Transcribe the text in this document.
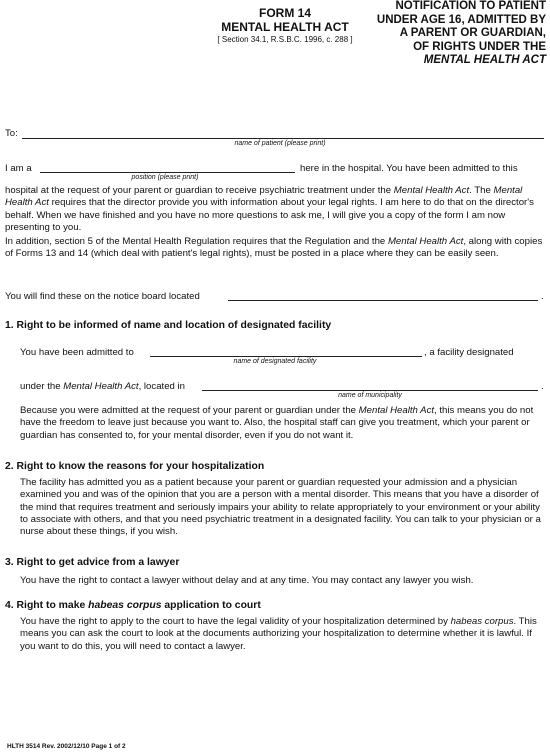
FORM 14
MENTAL HEALTH ACT
[ Section 34.1, R.S.B.C. 1996, c. 288 ]
NOTIFICATION TO PATIENT
UNDER AGE 16, ADMITTED BY
A PARENT OR GUARDIAN,
OF RIGHTS UNDER THE
MENTAL HEALTH ACT
To:
name of patient (please print)
I am a
position (please print)
here in the hospital. You have been admitted to this

hospital at the request of your parent or guardian to receive psychiatric treatment under the Mental Health Act. The Mental Health Act requires that the director provide you with information about your legal rights. I am here to do that on the director's behalf. When we have finished and you have no more questions to ask me, I will give you a copy of the form I am now presenting to you.

In addition, section 5 of the Mental Health Regulation requires that the Regulation and the Mental Health Act, along with copies of Forms 13 and 14 (which deal with patient's legal rights), must be posted in a place where they can be easily seen.

You will find these on the notice board located	.
1. Right to be informed of name and location of designated facility
You have been admitted to
name of designated facility
, a facility designated
under the Mental Health Act, located in
name of municipality
.

Because you were admitted at the request of your parent or guardian under the Mental Health Act, this means you do not have the freedom to leave just because you want to. Also, the hospital staff can give you treatment, which your parent or guardian has consented to, for your mental disorder, even if you do not want it.

2. Right to know the reasons for your hospitalization

The facility has admitted you as a patient because your parent or guardian requested your admission and a physician examined you and was of the opinion that you are a person with a mental disorder. This means that you have a disorder of the mind that requires treatment and seriously impairs your ability to relate appropriately to your environment or your ability to associate with others, and that you need psychiatric treatment in a designated facility. You can talk to your physician or a nurse about these things, if you wish.

3. Right to get advice from a lawyer

You have the right to contact a lawyer without delay and at any time. You may contact any lawyer you wish.

4. Right to make habeas corpus application to court

You have the right to apply to the court to have the legal validity of your hospitalization determined by habeas corpus. This means you can ask the court to look at the documents authorizing your hospitalization to determine whether it is lawful. If you want to do this, you will need to contact a lawyer.

HLTH 3514 Rev. 2002/12/10 Page 1 of 2
